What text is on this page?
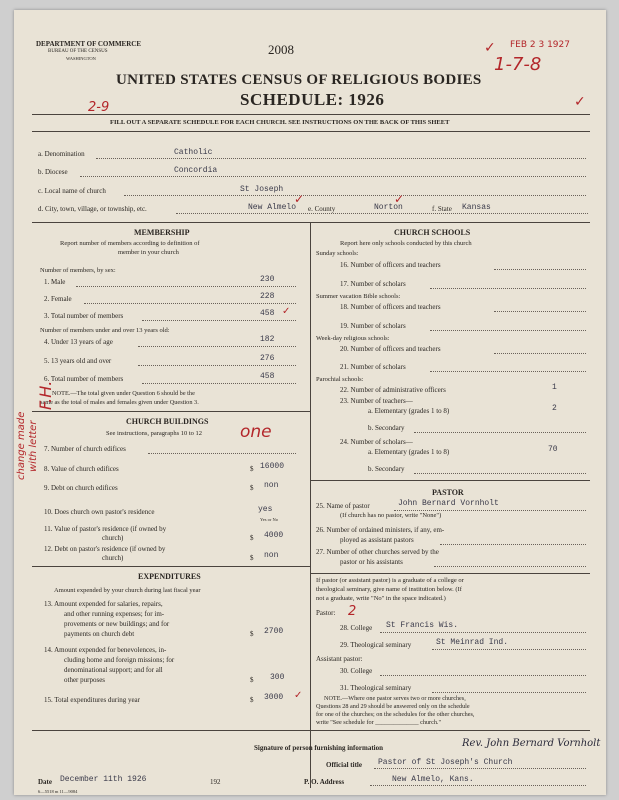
DEPARTMENT OF COMMERCE
BUREAU OF THE CENSUS
WASHINGTON
2008	FEB 2 3 1927
1-7-8
UNITED STATES CENSUS OF RELIGIOUS BODIES
SCHEDULE: 1926
2-9
FILL OUT A SEPARATE SCHEDULE FOR EACH CHURCH. SEE INSTRUCTIONS ON THE BACK OF THIS SHEET
a. Denomination	Catholic
b. Diocese	Concordia
c. Local name of church	St Joseph
d. City, town, village, or township, etc.	New Almelo e. County	Norton	f. State Kansas
MEMBERSHIP
Report number of members according to definition of
member in your church
Number of members, by sex:
1. Male	230
2. Female	228
3. Total number of members	458
Number of members under and over 13 years old:
4. Under 13 years of age	182
5. 13 years old and over	276
6. Total number of members	458
NOTE.—The total given under Question 6 should be the
same as the total of males and females given under Question 3.
CHURCH BUILDINGS
See instructions, paragraphs 10 to 12 one
7. Number of church edifices
8. Value of church edifices	$ 16000
9. Debt on church edifices	$ non
10. Does church own pastor's residence	yes
Yes or No
11. Value of pastor's residence (if owned by
church)	$ 4000
12. Debt on pastor's residence (if owned by
church)	$ non
EXPENDITURES
Amount expended by your church during last fiscal year
13. Amount expended for salaries, repairs,
and other running expenses; for im-
provements or new buildings; and for
payments on church debt	$ 2700
14. Amount expended for benevolences, in-
cluding home and foreign missions; for
denominational support; and for all
other purposes	$ 300
15. Total expenditures during year	$ 3000
change made with letter
F.H.
CHURCH SCHOOLS
Report here only schools conducted by this church
Sunday schools:
16. Number of officers and teachers
17. Number of scholars
Summer vacation Bible schools:
18. Number of officers and teachers
19. Number of scholars
Week-day religious schools:
20. Number of officers and teachers
21. Number of scholars
Parochial schools:
22. Number of administrative officers	1
23. Number of teachers—
a. Elementary (grades 1 to 8)	2
b. Secondary
24. Number of scholars—
a. Elementary (grades 1 to 8)	70
b. Secondary
PASTOR
25. Name of pastor	John Bernard Vornholt
(If church has no pastor, write "None")
26. Number of ordained ministers, if any, em-
ployed as assistant pastors
27. Number of other churches served by the
pastor or his assistants
If pastor (or assistant pastor) is a graduate of a college or
theological seminary, give name of institution below. (If
not a graduate, write "No" in the space indicated.)
Pastor: 2
28. College St Francis Wis.
29. Theological seminary	St Meinrad Ind.
Assistant pastor:
30. College
31. Theological seminary
NOTE.—Where one pastor serves two or more churches,
Questions 28 and 29 should be answered only on the schedule
for one of the churches; on the schedules for the other churches,
write "See schedule for ______________ church."
Signature of person furnishing information	Rev. John Bernard Vornholt
Official title Pastor of St Joseph's Church
Date December 11th 1926	192	P. O. Address	New Almelo, Kans.
6—5518 m 11—9084
✓	✓
✓
✓
✓
✓
